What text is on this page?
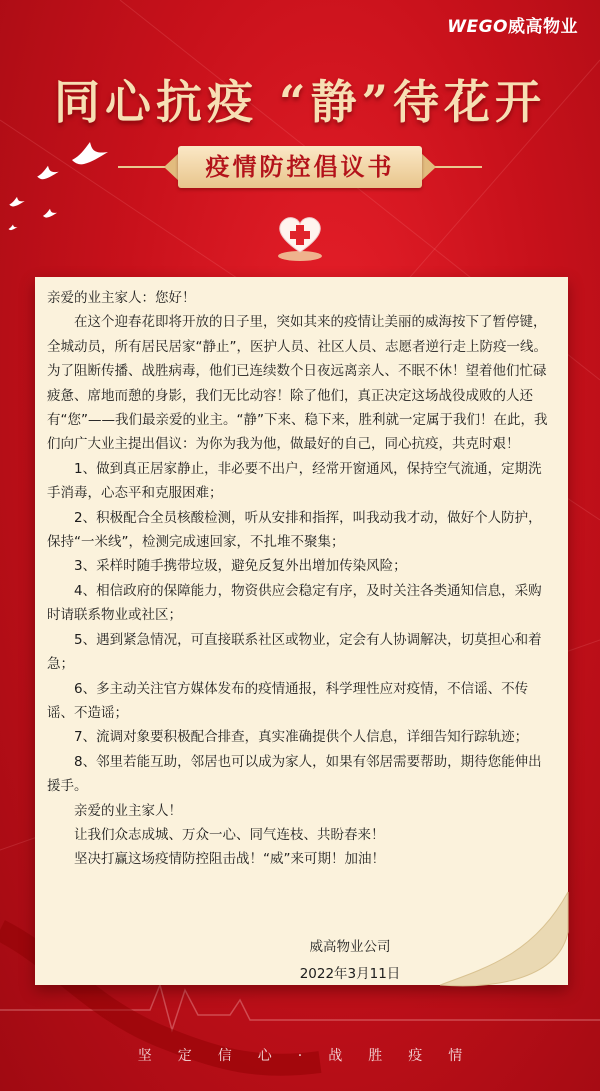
WEGO威高物业
同心抗疫 “静”待花开
疫情防控倡议书

亲爱的业主家人：您好！

在这个迎春花即将开放的日子里，突如其来的疫情让美丽的威海按下了暂停键，全城动员，所有居民居家“静止”，医护人员、社区人员、志愿者逆行走上防疫一线。为了阻断传播、战胜病毒，他们已连续数个日夜远离亲人、不眠不休！望着他们忙碌疲惫、席地而憩的身影，我们无比动容！除了他们，真正决定这场战役成败的人还有“您”——我们最亲爱的业主。“静”下来、稳下来，胜利就一定属于我们！在此，我们向广大业主提出倡议：为你为我为他，做最好的自己，同心抗疫，共克时艰！

1、做到真正居家静止，非必要不出户，经常开窗通风，保持空气流通，定期洗手消毒，心态平和克服困难；

2、积极配合全员核酸检测，听从安排和指挥，叫我动我才动，做好个人防护，保持“一米线”，检测完成速回家，不扎堆不聚集；

3、采样时随手携带垃圾，避免反复外出增加传染风险；

4、相信政府的保障能力，物资供应会稳定有序，及时关注各类通知信息，采购时请联系物业或社区；

5、遇到紧急情况，可直接联系社区或物业，定会有人协调解决，切莫担心和着急；

6、多主动关注官方媒体发布的疫情通报，科学理性应对疫情，不信谣、不传谣、不造谣；

7、流调对象要积极配合排查，真实准确提供个人信息，详细告知行踪轨迹；

8、邻里若能互助，邻居也可以成为家人，如果有邻居需要帮助，期待您能伸出援手。

亲爱的业主家人！

让我们众志成城、万众一心、同气连枝、共盼春来！

坚决打赢这场疫情防控阻击战！“威”来可期！加油！

威高物业公司
2022年3月11日
坚定信心·战胜疫情
